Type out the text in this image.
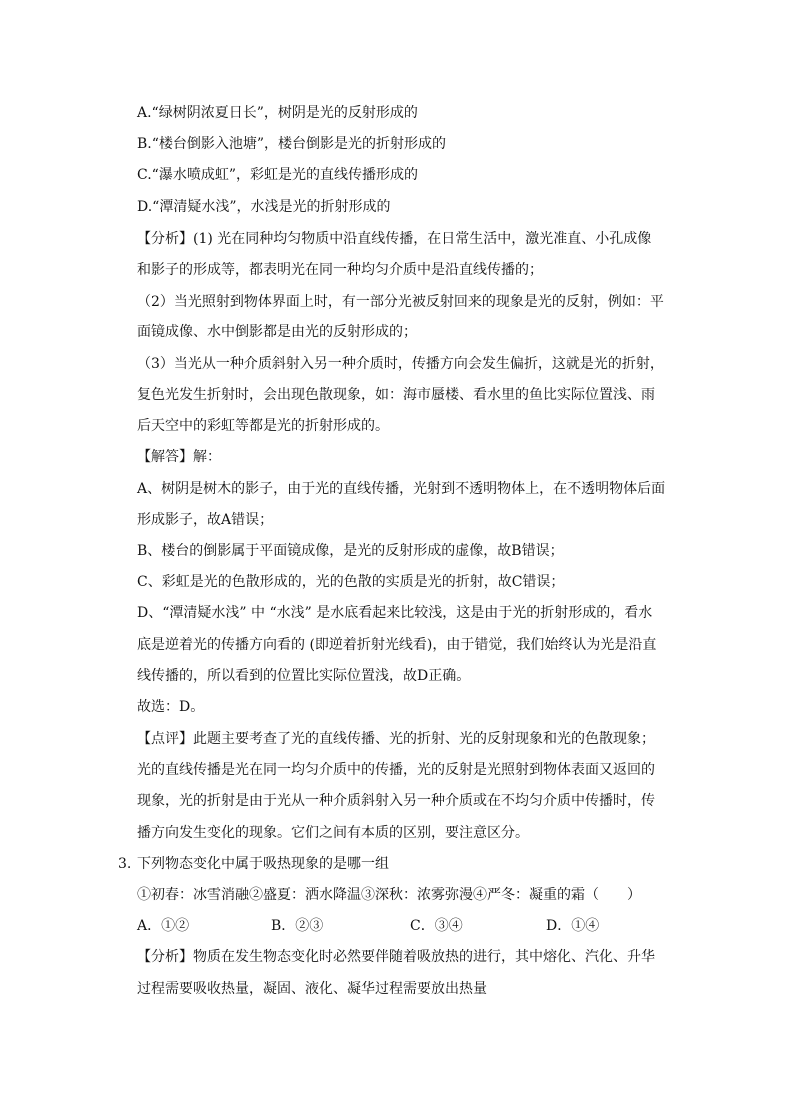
A.“绿树阴浓夏日长”，树阴是光的反射形成的
B.“楼台倒影入池塘”，楼台倒影是光的折射形成的
C.“瀑水喷成虹”，彩虹是光的直线传播形成的
D.“潭清疑水浅”，水浅是光的折射形成的
【分析】(1) 光在同种均匀物质中沿直线传播，在日常生活中，激光准直、小孔成像
和影子的形成等，都表明光在同一种均匀介质中是沿直线传播的；
（2）当光照射到物体界面上时，有一部分光被反射回来的现象是光的反射，例如：平
面镜成像、水中倒影都是由光的反射形成的；
（3）当光从一种介质斜射入另一种介质时，传播方向会发生偏折，这就是光的折射，
复色光发生折射时，会出现色散现象，如：海市蜃楼、看水里的鱼比实际位置浅、雨
后天空中的彩虹等都是光的折射形成的。
【解答】解：
A、树阴是树木的影子，由于光的直线传播，光射到不透明物体上，在不透明物体后面
形成影子，故A错误；
B、楼台的倒影属于平面镜成像，是光的反射形成的虚像，故B错误；
C、彩虹是光的色散形成的，光的色散的实质是光的折射，故C错误；
D、“潭清疑水浅” 中 “水浅” 是水底看起来比较浅，这是由于光的折射形成的，看水
底是逆着光的传播方向看的 (即逆着折射光线看)，由于错觉，我们始终认为光是沿直
线传播的，所以看到的位置比实际位置浅，故D正确。
故选：D。
【点评】此题主要考查了光的直线传播、光的折射、光的反射现象和光的色散现象；
光的直线传播是光在同一均匀介质中的传播，光的反射是光照射到物体表面又返回的
现象，光的折射是由于光从一种介质斜射入另一种介质或在不均匀介质中传播时，传
播方向发生变化的现象。它们之间有本质的区别，要注意区分。
3. 下列物态变化中属于吸热现象的是哪一组
①初春：冰雪消融②盛夏：洒水降温③深秋：浓雾弥漫④严冬：凝重的霜（　　）
A．①②	B．②③	C．③④	D．①④
【分析】物质在发生物态变化时必然要伴随着吸放热的进行，其中熔化、汽化、升华
过程需要吸收热量，凝固、液化、凝华过程需要放出热量
